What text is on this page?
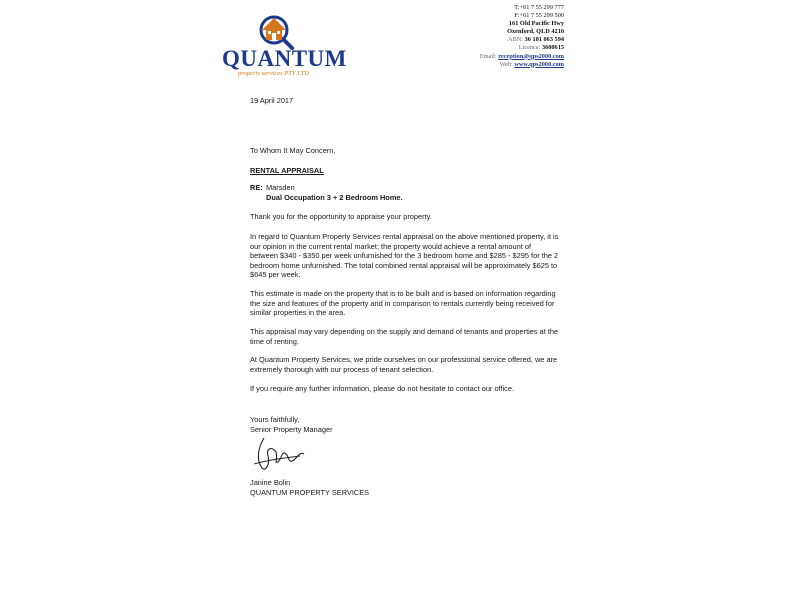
QUANTUM
property services PTY LTD
T:+61 7 55 299 777
F:+61 7 55 299 500
161 Old Pacific Hwy
Oxenford, QLD 4210
ABN: 36 101 063 594
Licence: 3600615
Email: reception@qps2000.com
Web: www.qps2000.com

19 April 2017

To Whom It May Concern,

RENTAL APPRAISAL

RE: Marsden
Dual Occupation 3 + 2 Bedroom Home.

Thank you for the opportunity to appraise your property.

In regard to Quantum Property Services rental appraisal on the above mentioned property, it is our opinion in the current rental market; the property would achieve a rental amount of between $340 - $350 per week unfurnished for the 3 bedroom home and $285 - $295 for the 2 bedroom home unfurnished. The total combined rental appraisal will be approximately $625 to $645 per week.

This estimate is made on the property that is to be built and is based on information regarding the size and features of the property and in comparison to rentals currently being received for similar properties in the area.

This appraisal may vary depending on the supply and demand of tenants and properties at the time of renting.

At Quantum Property Services, we pride ourselves on our professional service offered, we are extremely thorough with our process of tenant selection.

If you require any further information, please do not hesitate to contact our office.

Yours faithfully,

Senior Property Manager

Janine Bolin

QUANTUM PROPERTY SERVICES
